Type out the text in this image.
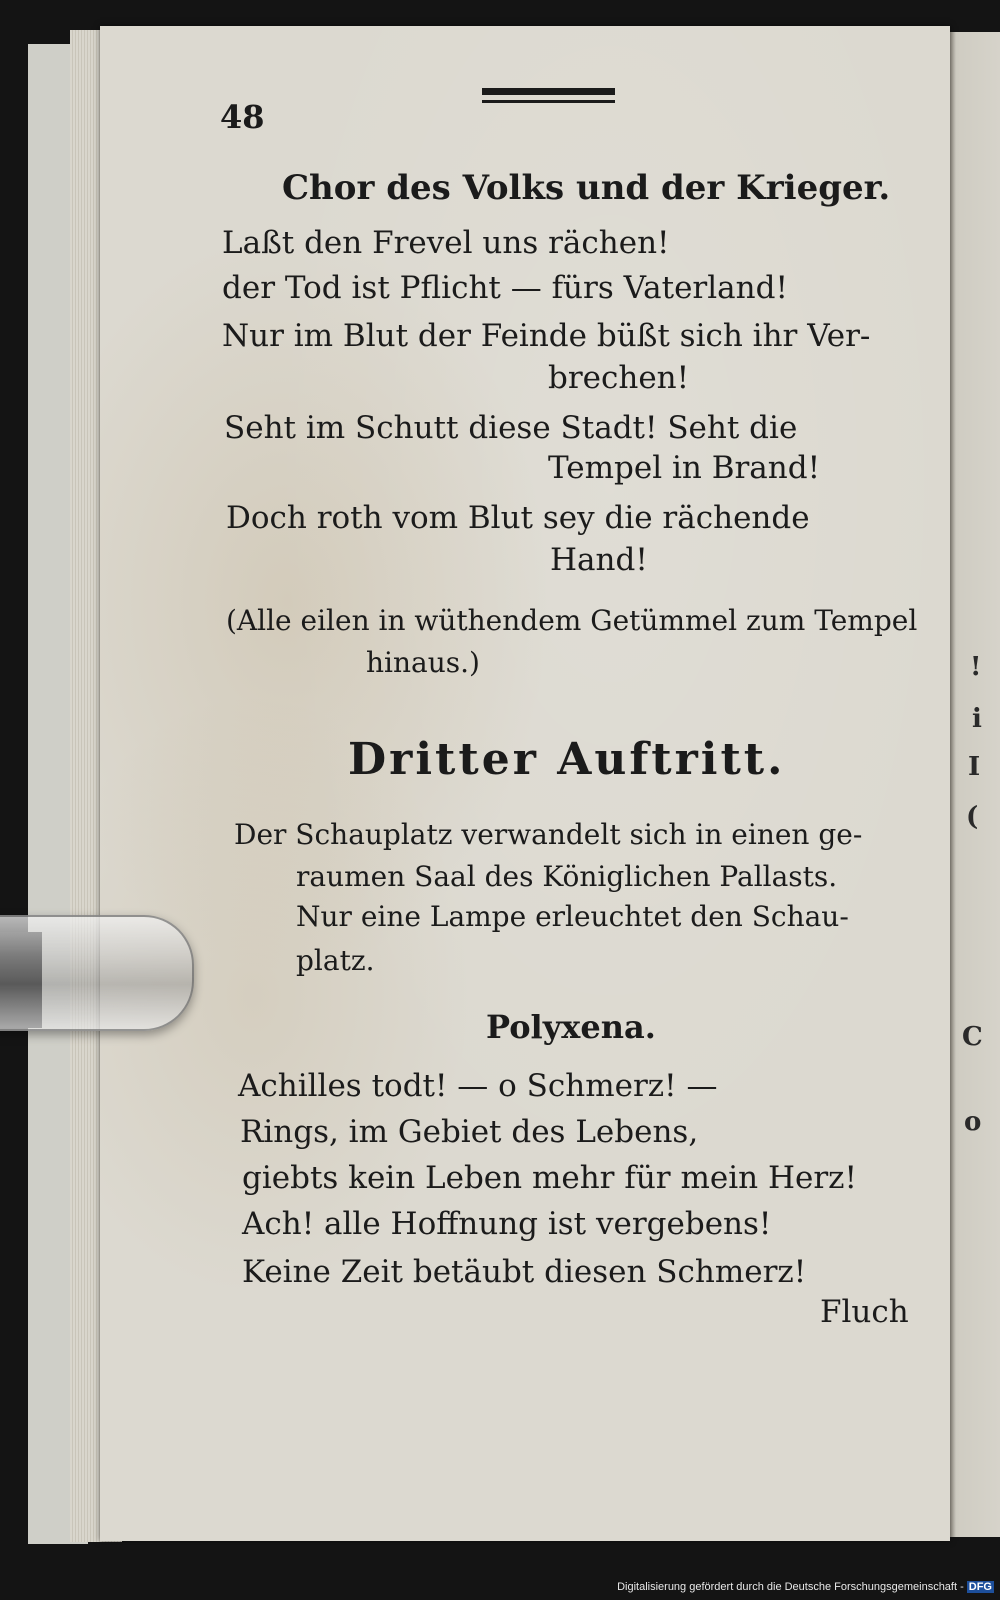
!
i
I
(
C
o
48
Chor des Volks und der Krieger.
Laßt den Frevel uns rächen!
der Tod ist Pflicht — fürs Vaterland!
Nur im Blut der Feinde büßt sich ihr Ver-
brechen!
Seht im Schutt diese Stadt! Seht die
Tempel in Brand!
Doch roth vom Blut sey die rächende
Hand!
(Alle eilen in wüthendem Getümmel zum Tempel
hinaus.)
Dritter Auftritt.
Der Schauplatz verwandelt sich in einen ge-
raumen Saal des Königlichen Pallasts.
Nur eine Lampe erleuchtet den Schau-
platz.
Polyxena.
Achilles todt! — o Schmerz! —
Rings, im Gebiet des Lebens,
giebts kein Leben mehr für mein Herz!
Ach! alle Hoffnung ist vergebens!
Keine Zeit betäubt diesen Schmerz!
Fluch
Digitalisierung gefördert durch die Deutsche Forschungsgemeinschaft - DFG
